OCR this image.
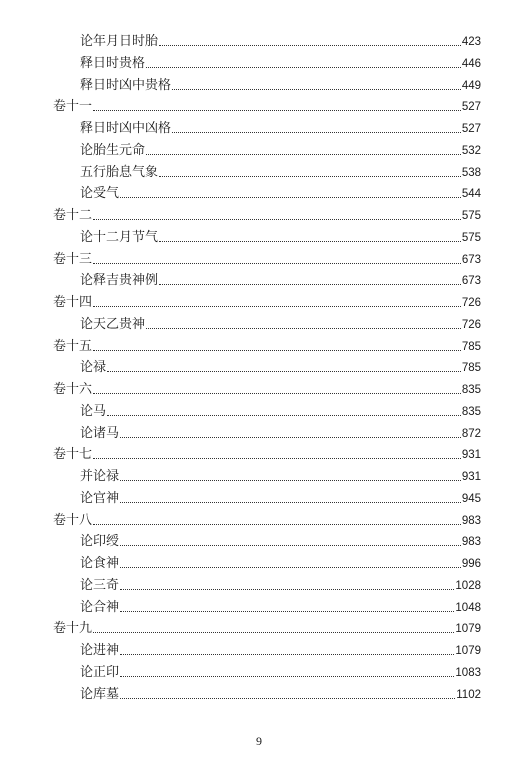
论年月日时胎	423
释日时贵格	446
释日时凶中贵格	449
卷十一	527
释日时凶中凶格	527
论胎生元命	532
五行胎息气象	538
论受气	544
卷十二	575
论十二月节气	575
卷十三	673
论释吉贵神例	673
卷十四	726
论天乙贵神	726
卷十五	785
论禄	785
卷十六	835
论马	835
论诸马	872
卷十七	931
并论禄	931
论官神	945
卷十八	983
论印绶	983
论食神	996
论三奇	1028
论合神	1048
卷十九	1079
论进神	1079
论正印	1083
论库墓	1102
9
